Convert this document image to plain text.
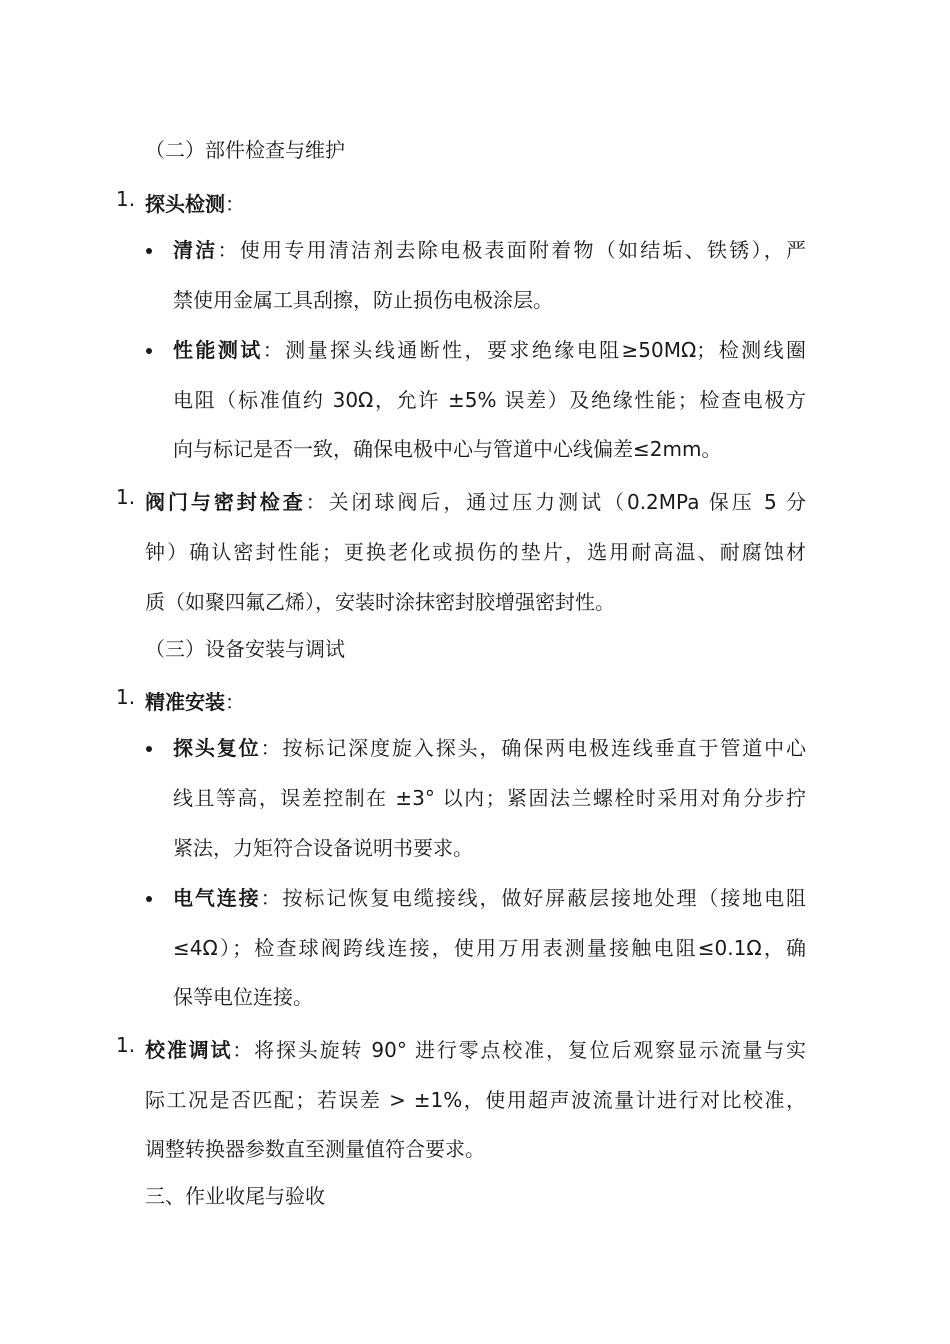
（二）部件检查与维护
1. 探头检测：
清洁：使用专用清洁剂去除电极表面附着物（如结垢、铁锈），严
禁使用金属工具刮擦，防止损伤电极涂层。
性能测试：测量探头线通断性，要求绝缘电阻≥50MΩ；检测线圈
电阻（标准值约 30Ω，允许 ±5% 误差）及绝缘性能；检查电极方
向与标记是否一致，确保电极中心与管道中心线偏差≤2mm。
1. 阀门与密封检查：关闭球阀后，通过压力测试（0.2MPa 保压 5 分
钟）确认密封性能；更换老化或损伤的垫片，选用耐高温、耐腐蚀材
质（如聚四氟乙烯），安装时涂抹密封胶增强密封性。
（三）设备安装与调试
1. 精准安装：
探头复位：按标记深度旋入探头，确保两电极连线垂直于管道中心
线且等高，误差控制在 ±3° 以内；紧固法兰螺栓时采用对角分步拧
紧法，力矩符合设备说明书要求。
电气连接：按标记恢复电缆接线，做好屏蔽层接地处理（接地电阻
≤4Ω）；检查球阀跨线连接，使用万用表测量接触电阻≤0.1Ω，确
保等电位连接。
1. 校准调试：将探头旋转 90° 进行零点校准，复位后观察显示流量与实
际工况是否匹配；若误差 > ±1%，使用超声波流量计进行对比校准，
调整转换器参数直至测量值符合要求。
三、作业收尾与验收
